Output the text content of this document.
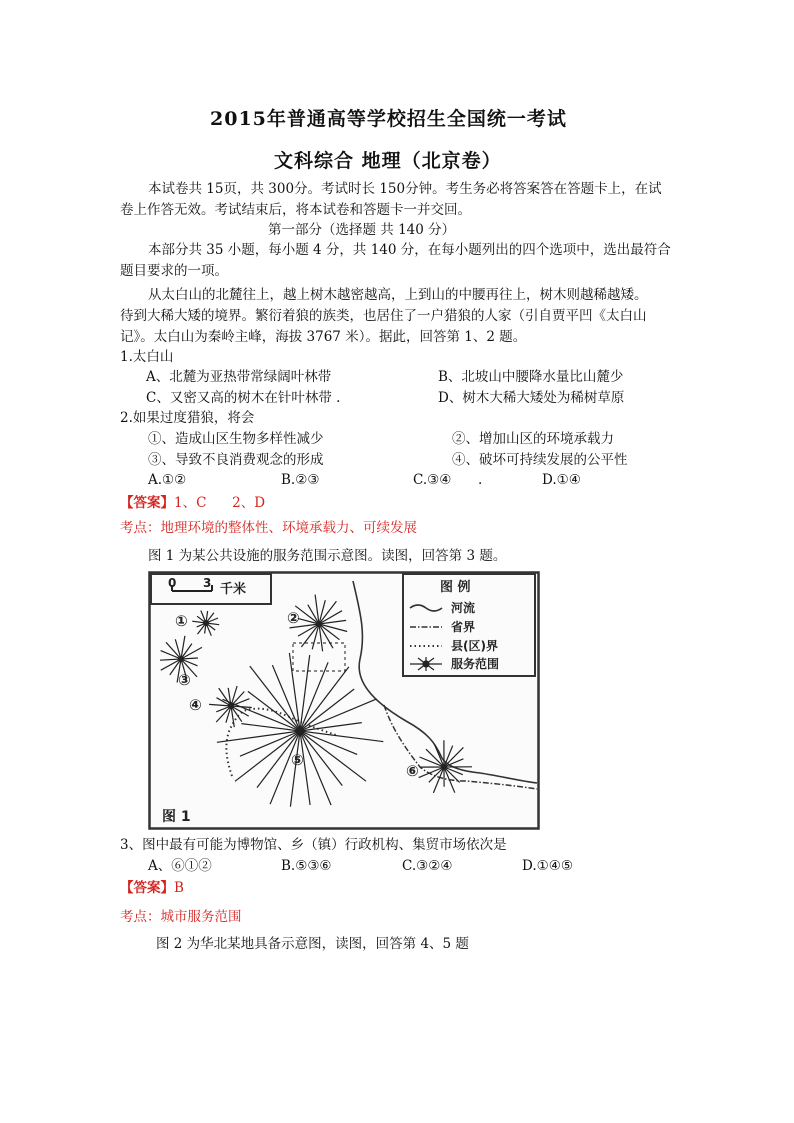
2015年普通高等学校招生全国统一考试
文科综合 地理（北京卷）
本试卷共 15页，共 300分。考试时长 150分钟。考生务必将答案答在答题卡上，在试
卷上作答无效。考试结束后，将本试卷和答题卡一并交回。
第一部分（选择题 共 140 分）
本部分共 35 小题，每小题 4 分，共 140 分，在每小题列出的四个选项中，选出最符合
题目要求的一项。
从太白山的北麓往上，越上树木越密越高，上到山的中腰再往上，树木则越稀越矮。
待到大稀大矮的境界。繁衍着狼的族类，也居住了一户猎狼的人家（引自贾平凹《太白山
记》。太白山为秦岭主峰，海拔 3767 米）。据此，回答第 1、2 题。
1.太白山
A、北麓为亚热带常绿阔叶林带	B、北坡山中腰降水量比山麓少
C、又密又高的树木在针叶林带 .	D、树木大稀大矮处为稀树草原
2.如果过度猎狼，将会
①、造成山区生物多样性减少	②、增加山区的环境承载力
③、导致不良消费观念的形成	④、破坏可持续发展的公平性
A.①②	B.②③	C.③④ .	D.①④
【答案】1、C      2、D
考点：地理环境的整体性、环境承载力、可续发展
图 1 为某公共设施的服务范围示意图。读图，回答第 3 题。
0 3 千米	图 例
河流
省界
县(区)界
服务范围
①	②
③
④
⑤
⑥
图 1
3、图中最有可能为博物馆、乡（镇）行政机构、集贸市场依次是
A、⑥①②	B.⑤③⑥	C.③②④	D.①④⑤
【答案】B
考点：城市服务范围
图 2 为华北某地具备示意图，读图，回答第 4、5 题
